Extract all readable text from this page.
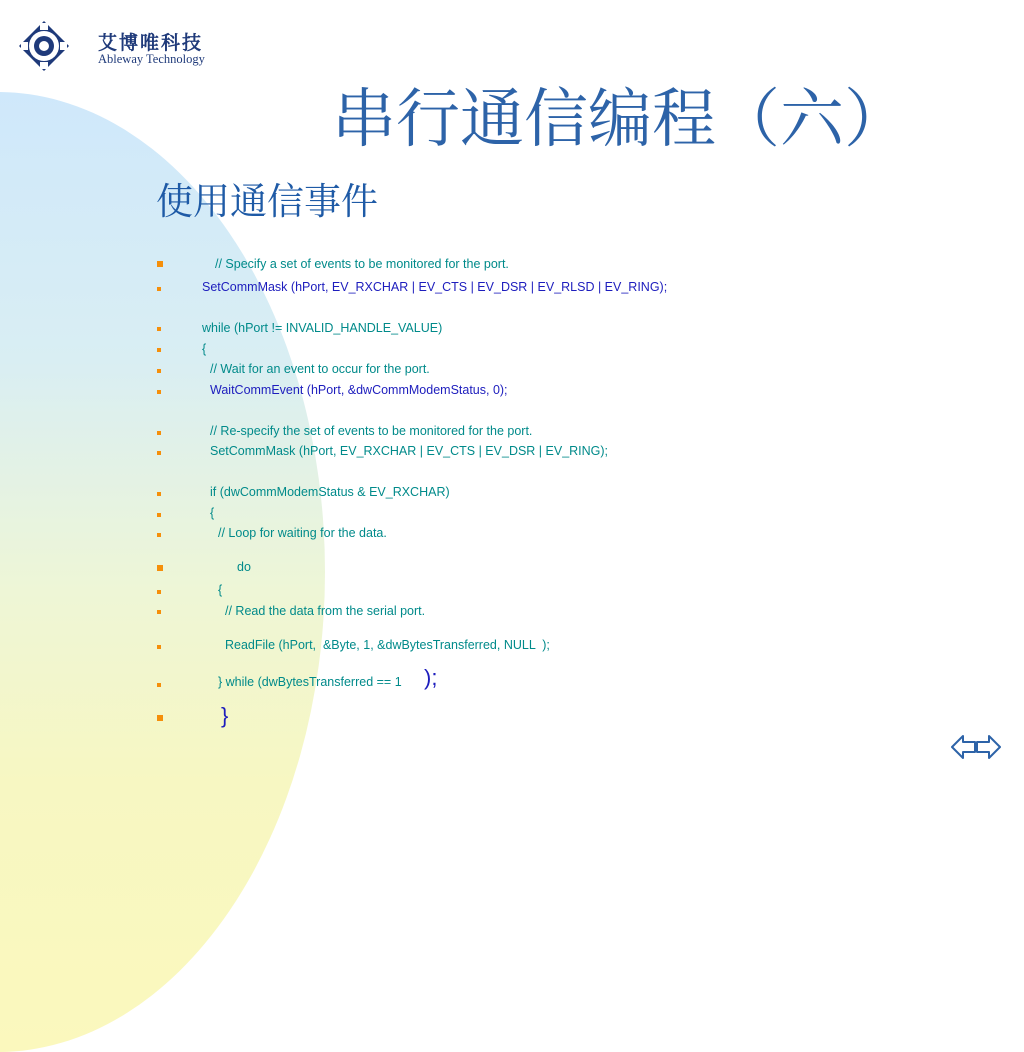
艾博唯科技
Ableway Technology
串行通信编程（六）
使用通信事件
// Specify a set of events to be monitored for the port.
SetCommMask (hPort, EV_RXCHAR | EV_CTS | EV_DSR | EV_RLSD | EV_RING);
while (hPort != INVALID_HANDLE_VALUE)
{
// Wait for an event to occur for the port.
WaitCommEvent (hPort, &dwCommModemStatus, 0);
// Re-specify the set of events to be monitored for the port.
SetCommMask (hPort, EV_RXCHAR | EV_CTS | EV_DSR | EV_RING);
if (dwCommModemStatus & EV_RXCHAR)
{
// Loop for waiting for the data.
do
{
// Read the data from the serial port.
ReadFile (hPort,  &Byte, 1, &dwBytesTransferred, NULL  );
} while (dwBytesTransferred == 1 );
}
